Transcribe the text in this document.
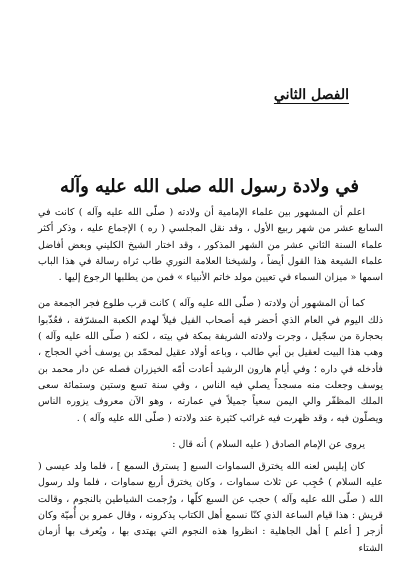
الفصل الثاني
في ولادة رسول الله صلى الله عليه وآله

اعلم أن المشهور بين علماء الإمامية أن ولادته ( صلّى الله عليه وآله ) كانت في السابع عشر من شهر ربيع الأول ، وقد نقل المجلسي ( ره ) الإجماع عليه ، وذكر أكثر علماء السنة الثاني عشر من الشهر المذكور ، وقد اختار الشيخ الكليني وبعض أفاضل علماء الشيعة هذا القول أيضاً ، ولشيخنا العلامة النوري طاب ثراه رسالة في هذا الباب اسمها « ميزان السماء في تعيين مولد خاتم الأنبياء » فمن من يطلبها الرجوع إليها .

كما أن المشهور أن ولادته ( صلّى الله عليه وآله ) كانت قرب طلوع فجر الجمعة من ذلك اليوم في العام الذي أحضر فيه أصحاب الفيل فيلاً لهدم الكعبة المشرّفة ، فعُذّبوا بحجارة من سجّيل ، وجرت ولادته الشريفة بمكة في بيته ، لكنه ( صلّى الله عليه وآله ) وهب هذا البيت لعقيل بن أبي طالب ، وباعه أولاد عقيل لمحمّد بن يوسف أخي الحجاج ، فأدخله في داره ؛ وفي أيام هارون الرشيد أعادت أمّه الخيزران فصله عن دار محمد بن يوسف وجعلت منه مسجداً يصلي فيه الناس ، وفي سنة تسع وستين وستمائة سعى الملك المظفّر والي اليمن سعياً جميلاً في عمارته ، وهو الآن معروف يزوره الناس ويصلّون فيه ، وقد ظهرت فيه غرائب كثيرة عند ولادته ( صلّى الله عليه وآله ) .

يروى عن الإمام الصادق ( عليه السلام ) أنه قال :

كان إبليس لعنه الله يخترق السماوات السبع [ يسترق السمع ] ، فلما ولد عيسى ( عليه السلام ) حُجِب عن ثلاث سماوات ، وكان يخترق أربع سماوات ، فلما ولد رسول الله ( صلّى الله عليه وآله ) حجب عن السبع كلّها ، ورُجمت الشياطين بالنجوم ، وقالت قريش : هذا قيام الساعة الذي كنّا نسمع أهل الكتاب يذكرونه ، وقال عمرو بن أُميّة وكان أزجر [ أعلم ] أهل الجاهلية : انظروا هذه النجوم التي يهتدى بها ، ويُعرف بها أزمان الشتاء
